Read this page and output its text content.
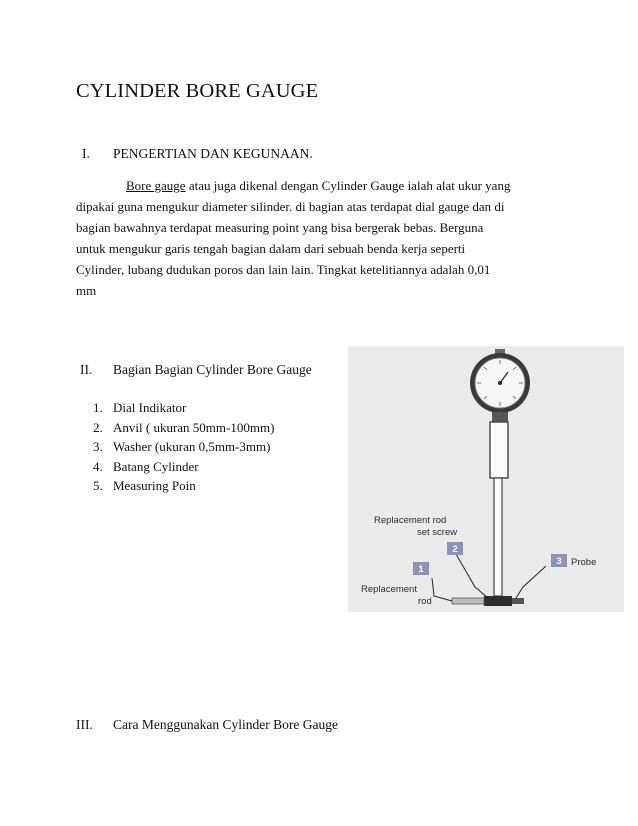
CYLINDER BORE GAUGE
I. PENGERTIAN DAN KEGUNAAN.
Bore gauge atau juga dikenal dengan Cylinder Gauge ialah alat ukur yang
dipakai guna mengukur diameter silinder. di bagian atas terdapat dial gauge dan di
bagian bawahnya terdapat measuring point yang bisa bergerak bebas. Berguna
untuk mengukur garis tengah bagian dalam dari sebuah benda kerja seperti
Cylinder, lubang dudukan poros dan lain lain. Tingkat ketelitiannya adalah 0,01
mm
II. Bagian Bagian Cylinder Bore Gauge
1. Dial Indikator
2. Anvil ( ukuran 50mm-100mm)
3. Washer (ukuran 0,5mm-3mm)
4. Batang Cylinder
5. Measuring Poin
1
2
3
Replacement rod
set screw
Replacement
rod
Probe
III. Cara Menggunakan Cylinder Bore Gauge
